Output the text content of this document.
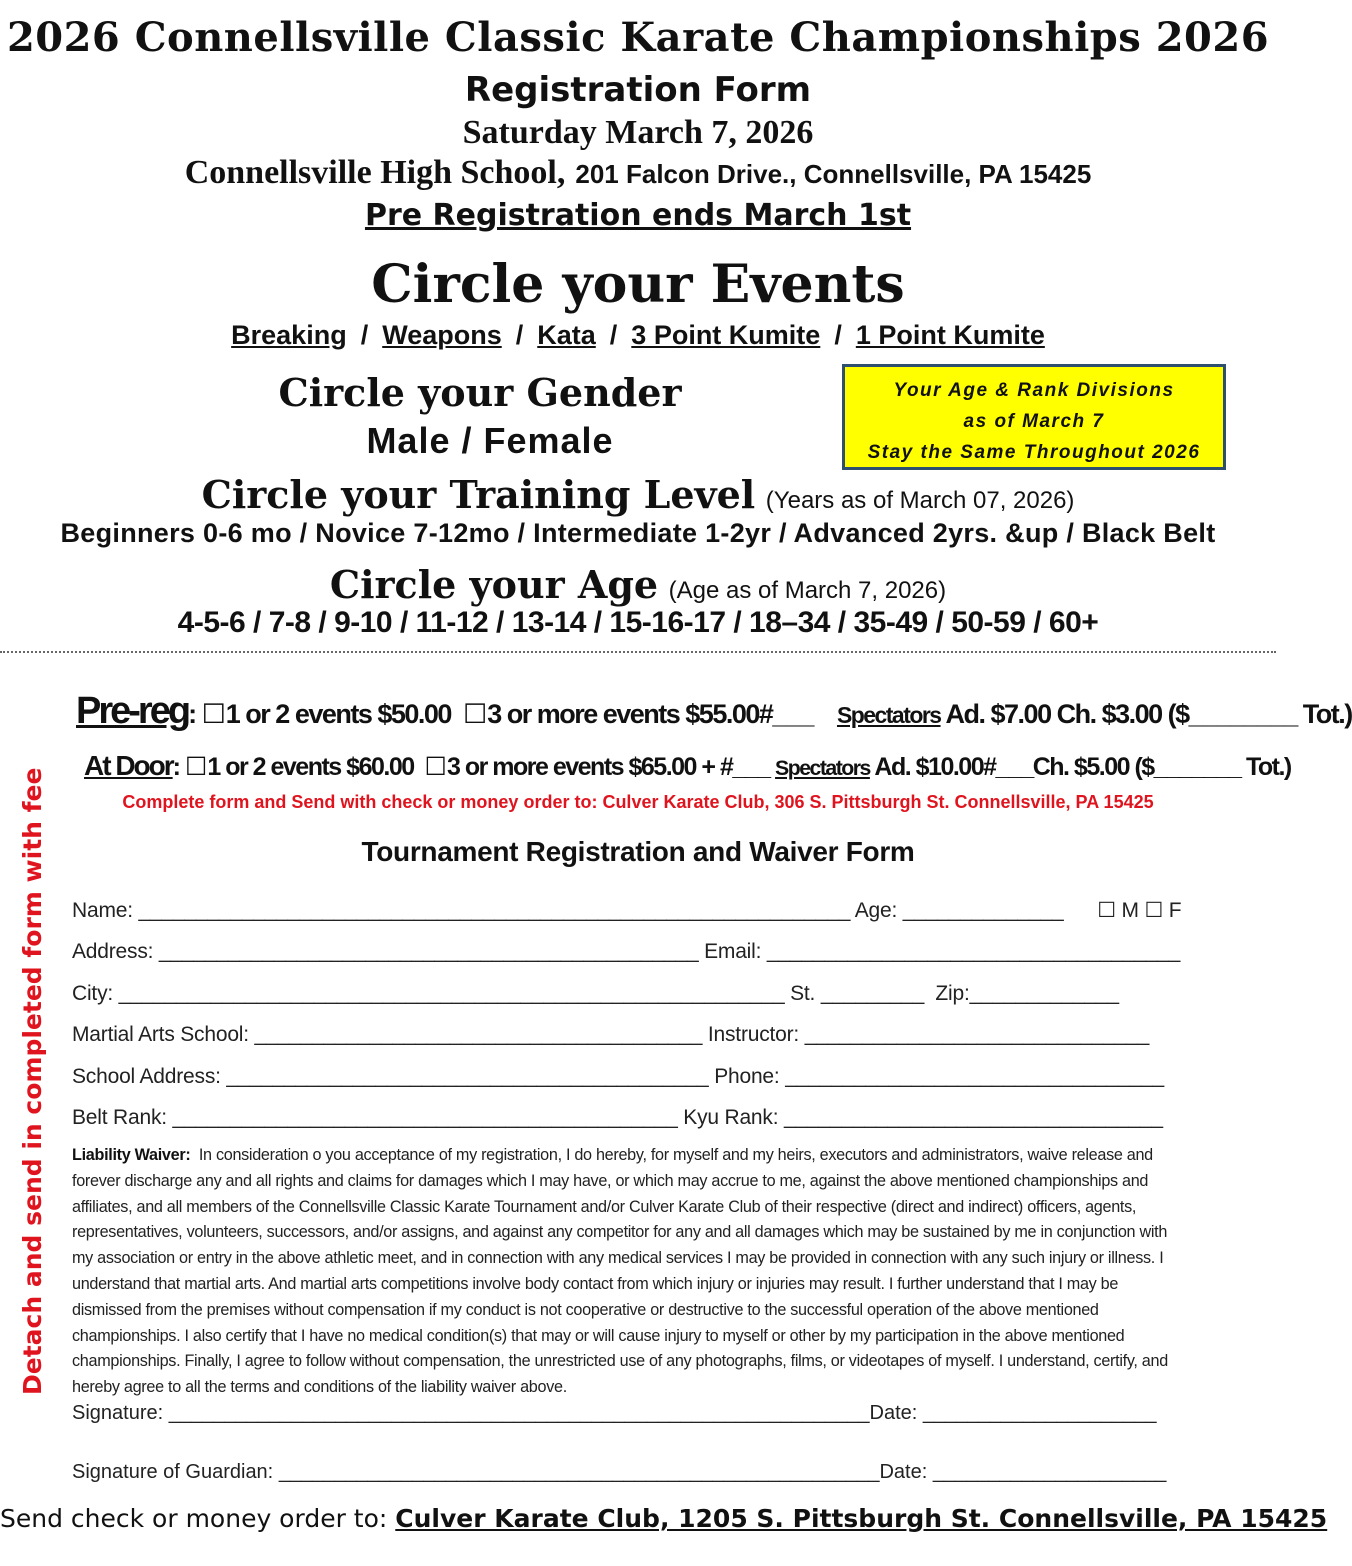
2026 Connellsville Classic Karate Championships 2026
Registration Form
Saturday March 7, 2026
Connellsville High School, 201 Falcon Drive., Connellsville, PA 15425
Pre Registration ends March 1st
Circle your Events
Breaking / Weapons / Kata / 3 Point Kumite / 1 Point Kumite
Circle your Gender
Male / Female
Your Age & Rank Divisions
as of March 7
Stay the Same Throughout 2026
Circle your Training Level (Years as of March 07, 2026)
Beginners 0-6 mo / Novice 7-12mo / Intermediate 1-2yr / Advanced 2yrs. &up / Black Belt
Circle your Age (Age as of March 7, 2026)
4-5-6 / 7-8 / 9-10 / 11-12 / 13-14 / 15-16-17 / 18–34 / 35-49 / 50-59 / 60+
Pre-reg: ☐1 or 2 events $50.00 ☐3 or more events $55.00#___ Spectators Ad. $7.00 Ch. $3.00 ($________ Tot.)
At Door: ☐1 or 2 events $60.00 ☐3 or more events $65.00 + #___ Spectators Ad. $10.00#___Ch. $5.00 ($_______ Tot.)
Complete form and Send with check or money order to: Culver Karate Club, 306 S. Pittsburgh St. Connellsville, PA 15425
Tournament Registration and Waiver Form
Detach and send in completed form with fee Name: ______________________________________________________________ Age: ______________ ☐ M ☐ F
Address: _______________________________________________ Email: ____________________________________
City: __________________________________________________________ St. _________ Zip:_____________
Martial Arts School: _______________________________________ Instructor: ______________________________
School Address: __________________________________________ Phone: _________________________________
Belt Rank: ____________________________________________ Kyu Rank: _________________________________
Liability Waiver: In consideration o you acceptance of my registration, I do hereby, for myself and my heirs, executors and administrators, waive release and forever discharge any and all rights and claims for damages which I may have, or which may accrue to me, against the above mentioned championships and affiliates, and all members of the Connellsville Classic Karate Tournament and/or Culver Karate Club of their respective (direct and indirect) officers, agents, representatives, volunteers, successors, and/or assigns, and against any competitor for any and all damages which may be sustained by me in conjunction with my association or entry in the above athletic meet, and in connection with any medical services I may be provided in connection with any such injury or illness. I understand that martial arts. And martial arts competitions involve body contact from which injury or injuries may result. I further understand that I may be dismissed from the premises without compensation if my conduct is not cooperative or destructive to the successful operation of the above mentioned championships. I also certify that I have no medical condition(s) that may or will cause injury to myself or other by my participation in the above mentioned championships. Finally, I agree to follow without compensation, the unrestricted use of any photographs, films, or videotapes of myself. I understand, certify, and hereby agree to all the terms and conditions of the liability waiver above.
Signature: _______________________________________________________________Date: _____________________
Signature of Guardian: ______________________________________________________Date: _____________________
Send check or money order to: Culver Karate Club, 1205 S. Pittsburgh St. Connellsville, PA 15425
